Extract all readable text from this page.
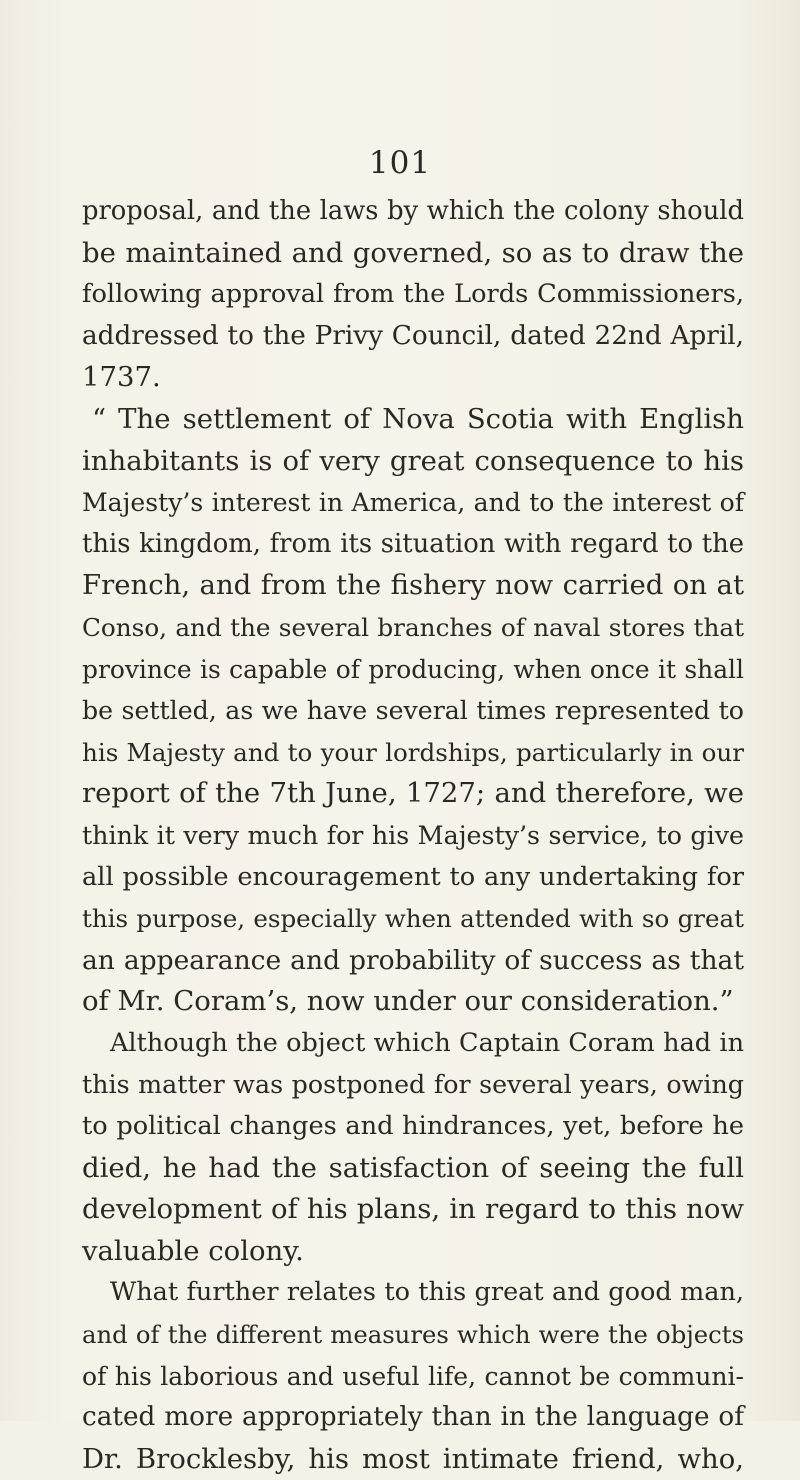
101
proposal, and the laws by which the colony should
be maintained and governed, so as to draw the
following approval from the Lords Commissioners,
addressed to the Privy Council, dated 22nd April,
1737.
“ The settlement of Nova Scotia with English
inhabitants is of very great consequence to his
Majesty’s interest in America, and to the interest of
this kingdom, from its situation with regard to the
French, and from the fishery now carried on at
Conso, and the several branches of naval stores that
province is capable of producing, when once it shall
be settled, as we have several times represented to
his Majesty and to your lordships, particularly in our
report of the 7th June, 1727; and therefore, we
think it very much for his Majesty’s service, to give
all possible encouragement to any undertaking for
this purpose, especially when attended with so great
an appearance and probability of success as that
of Mr. Coram’s, now under our consideration.”
Although the object which Captain Coram had in
this matter was postponed for several years, owing
to political changes and hindrances, yet, before he
died, he had the satisfaction of seeing the full
development of his plans, in regard to this now
valuable colony.
What further relates to this great and good man,
and of the different measures which were the objects
of his laborious and useful life, cannot be communi-
cated more appropriately than in the language of
Dr. Brocklesby, his most intimate friend, who,
